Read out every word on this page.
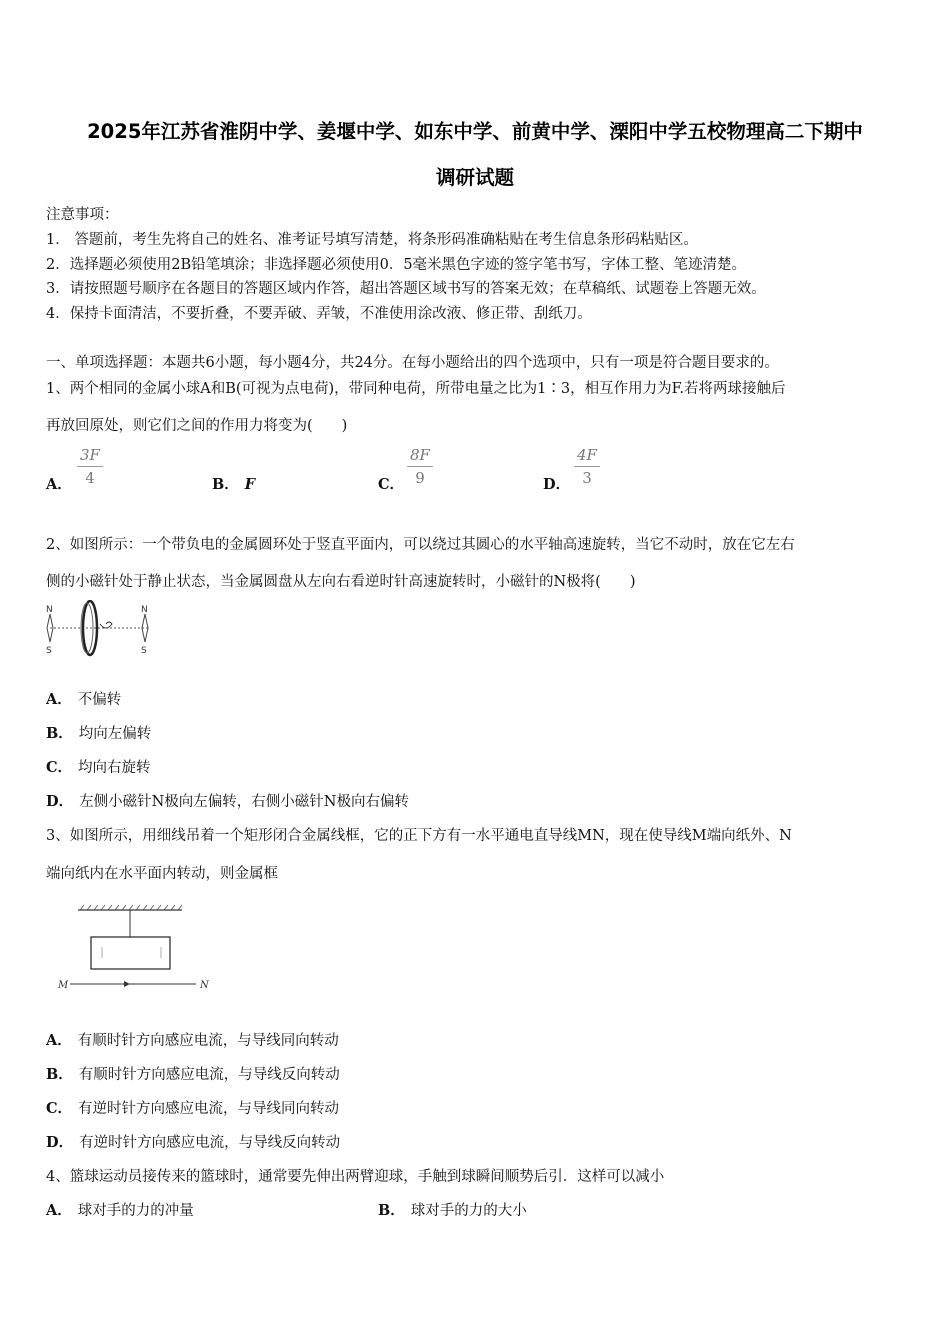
2025年江苏省淮阴中学、姜堰中学、如东中学、前黄中学、溧阳中学五校物理高二下期中
调研试题
注意事项：
1． 答题前，考生先将自己的姓名、准考证号填写清楚，将条形码准确粘贴在考生信息条形码粘贴区。
2．选择题必须使用2B铅笔填涂；非选择题必须使用0．5毫米黑色字迹的签字笔书写，字体工整、笔迹清楚。
3．请按照题号顺序在各题目的答题区域内作答，超出答题区域书写的答案无效；在草稿纸、试题卷上答题无效。
4．保持卡面清洁，不要折叠，不要弄破、弄皱，不准使用涂改液、修正带、刮纸刀。
一、单项选择题：本题共6小题，每小题4分，共24分。在每小题给出的四个选项中，只有一项是符合题目要求的。
1、两个相同的金属小球A和B(可视为点电荷)，带同种电荷，所带电量之比为1∶3，相互作用力为F.若将两球接触后
再放回原处，则它们之间的作用力将变为(　　)
A．
3F
4	B． F	C．
8F
9	D．
4F
3
2、如图所示：一个带负电的金属圆环处于竖直平面内，可以绕过其圆心的水平轴高速旋转，当它不动时，放在它左右
侧的小磁针处于静止状态，当金属圆盘从左向右看逆时针高速旋转时，小磁针的N极将(　　)
N
S
N
S
A． 不偏转
B． 均向左偏转
C． 均向右旋转
D． 左侧小磁针N极向左偏转，右侧小磁针N极向右偏转
3、如图所示，用细线吊着一个矩形闭合金属线框，它的正下方有一水平通电直导线MN，现在使导线M端向纸外、N
端向纸内在水平面内转动，则金属框
M	N
A． 有顺时针方向感应电流，与导线同向转动
B． 有顺时针方向感应电流，与导线反向转动
C． 有逆时针方向感应电流，与导线同向转动
D． 有逆时针方向感应电流，与导线反向转动
4、篮球运动员接传来的篮球时，通常要先伸出两臂迎球，手触到球瞬间顺势后引．这样可以减小
A． 球对手的力的冲量	B． 球对手的力的大小
